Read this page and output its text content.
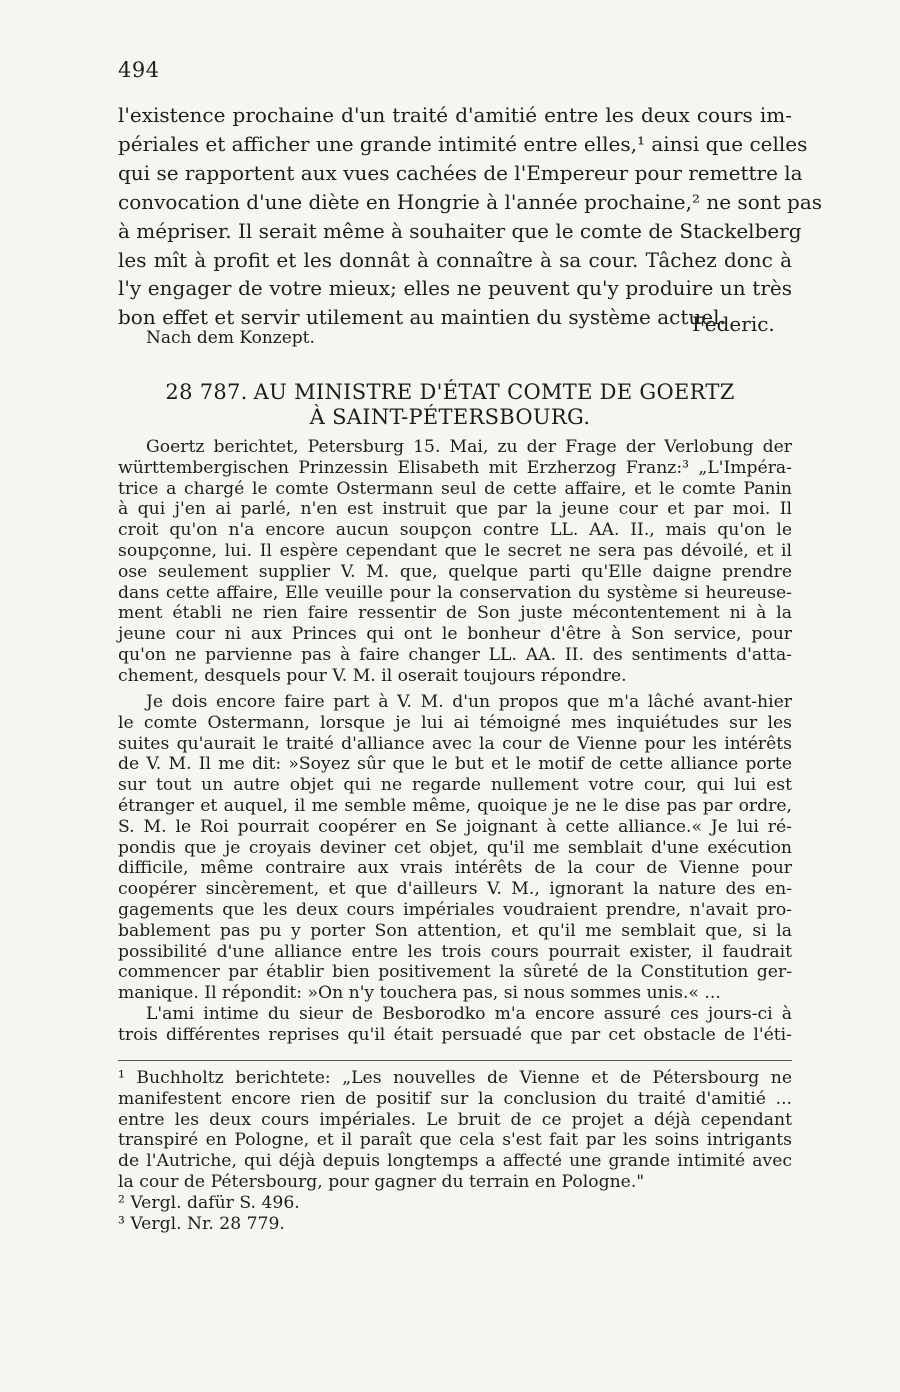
494
l'existence prochaine d'un traité d'amitié entre les deux cours im-
périales et afficher une grande intimité entre elles,¹ ainsi que celles
qui se rapportent aux vues cachées de l'Empereur pour remettre la
convocation d'une diète en Hongrie à l'année prochaine,² ne sont pas
à mépriser. Il serait même à souhaiter que le comte de Stackelberg
les mît à profit et les donnât à connaître à sa cour. Tâchez donc à
l'y engager de votre mieux; elles ne peuvent qu'y produire un très
bon effet et servir utilement au maintien du système actuel.
Federic.
Nach dem Konzept.
28 787. AU MINISTRE D'ÉTAT COMTE DE GOERTZ
À SAINT-PÉTERSBOURG.
Goertz berichtet, Petersburg 15. Mai, zu der Frage der Verlobung der
württembergischen Prinzessin Elisabeth mit Erzherzog Franz:³ „L'Impéra-
trice a chargé le comte Ostermann seul de cette affaire, et le comte Panin
à qui j'en ai parlé, n'en est instruit que par la jeune cour et par moi. Il
croit qu'on n'a encore aucun soupçon contre LL. AA. II., mais qu'on le
soupçonne, lui. Il espère cependant que le secret ne sera pas dévoilé, et il
ose seulement supplier V. M. que, quelque parti qu'Elle daigne prendre
dans cette affaire, Elle veuille pour la conservation du système si heureuse-
ment établi ne rien faire ressentir de Son juste mécontentement ni à la
jeune cour ni aux Princes qui ont le bonheur d'être à Son service, pour
qu'on ne parvienne pas à faire changer LL. AA. II. des sentiments d'atta-
chement, desquels pour V. M. il oserait toujours répondre.
Je dois encore faire part à V. M. d'un propos que m'a lâché avant-hier
le comte Ostermann, lorsque je lui ai témoigné mes inquiétudes sur les
suites qu'aurait le traité d'alliance avec la cour de Vienne pour les intérêts
de V. M. Il me dit: »Soyez sûr que le but et le motif de cette alliance porte
sur tout un autre objet qui ne regarde nullement votre cour, qui lui est
étranger et auquel, il me semble même, quoique je ne le dise pas par ordre,
S. M. le Roi pourrait coopérer en Se joignant à cette alliance.« Je lui ré-
pondis que je croyais deviner cet objet, qu'il me semblait d'une exécution
difficile, même contraire aux vrais intérêts de la cour de Vienne pour
coopérer sincèrement, et que d'ailleurs V. M., ignorant la nature des en-
gagements que les deux cours impériales voudraient prendre, n'avait pro-
bablement pas pu y porter Son attention, et qu'il me semblait que, si la
possibilité d'une alliance entre les trois cours pourrait exister, il faudrait
commencer par établir bien positivement la sûreté de la Constitution ger-
manique. Il répondit: »On n'y touchera pas, si nous sommes unis.« ...
L'ami intime du sieur de Besborodko m'a encore assuré ces jours-ci à
trois différentes reprises qu'il était persuadé que par cet obstacle de l'éti-
¹ Buchholtz berichtete: „Les nouvelles de Vienne et de Pétersbourg ne
manifestent encore rien de positif sur la conclusion du traité d'amitié ...
entre les deux cours impériales. Le bruit de ce projet a déjà cependant
transpiré en Pologne, et il paraît que cela s'est fait par les soins intrigants
de l'Autriche, qui déjà depuis longtemps a affecté une grande intimité avec
la cour de Pétersbourg, pour gagner du terrain en Pologne."
² Vergl. dafür S. 496.
³ Vergl. Nr. 28 779.
